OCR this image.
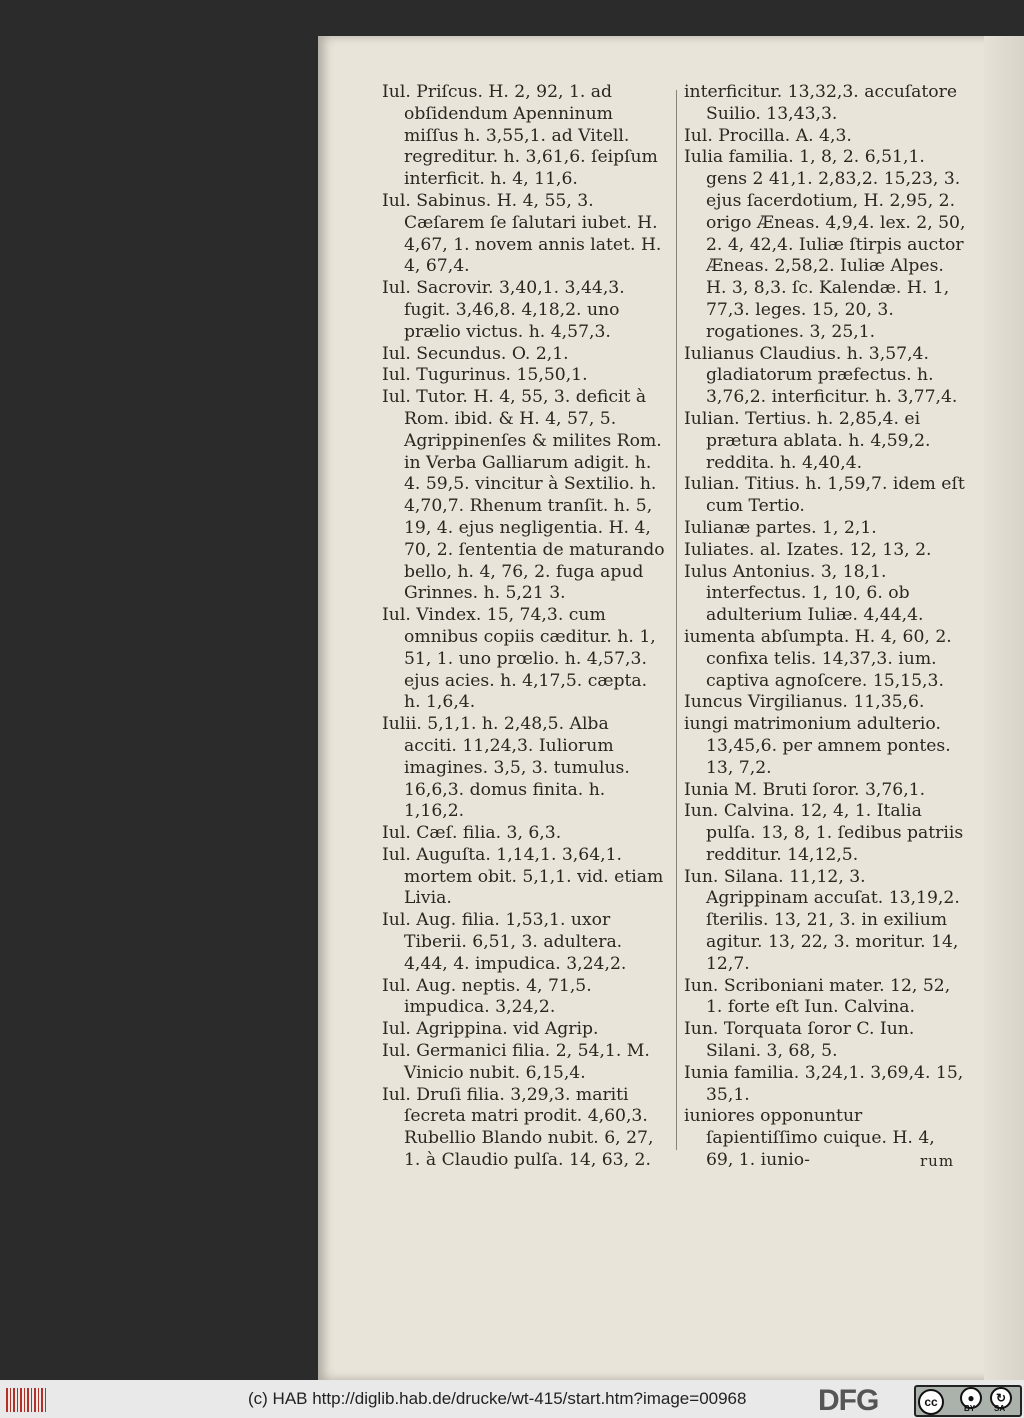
Iul. Priſcus. H. 2, 92, 1. ad obſidendum Apenninum miſſus h. 3,55,1. ad Vitell. regreditur. h. 3,61,6. ſeipſum interficit. h. 4, 11,6.

Iul. Sabinus. H. 4, 55, 3. Cæſarem ſe ſalutari iubet. H. 4,67, 1. novem annis latet. H. 4, 67,4.

Iul. Sacrovir. 3,40,1. 3,44,3. fugit. 3,46,8. 4,18,2. uno prælio victus. h. 4,57,3.

Iul. Secundus. O. 2,1.

Iul. Tugurinus. 15,50,1.

Iul. Tutor. H. 4, 55, 3. deficit à Rom. ibid. & H. 4, 57, 5. Agrippinenſes & milites Rom. in Verba Galliarum adigit. h. 4. 59,5. vincitur à Sextilio. h. 4,70,7. Rhenum tranſit. h. 5, 19, 4. ejus negligentia. H. 4, 70, 2. ſententia de maturando bello, h. 4, 76, 2. fuga apud Grinnes. h. 5,21 3.

Iul. Vindex. 15, 74,3. cum omnibus copiis cæditur. h. 1, 51, 1. uno prœlio. h. 4,57,3. ejus acies. h. 4,17,5. cæpta. h. 1,6,4.

Iulii. 5,1,1. h. 2,48,5. Alba acciti. 11,24,3. Iuliorum imagines. 3,5, 3. tumulus. 16,6,3. domus finita. h. 1,16,2.

Iul. Cæſ. filia. 3, 6,3.

Iul. Auguſta. 1,14,1. 3,64,1. mortem obit. 5,1,1. vid. etiam Livia.

Iul. Aug. filia. 1,53,1. uxor Tiberii. 6,51, 3. adultera. 4,44, 4. impudica. 3,24,2.

Iul. Aug. neptis. 4, 71,5. impudica. 3,24,2.

Iul. Agrippina. vid Agrip.

Iul. Germanici filia. 2, 54,1. M. Vinicio nubit. 6,15,4.

Iul. Druſi filia. 3,29,3. mariti ſecreta matri prodit. 4,60,3. Rubellio Blando nubit. 6, 27, 1. à Claudio pulſa. 14, 63, 2.

interficitur. 13,32,3. accuſatore Suilio. 13,43,3.

Iul. Procilla. A. 4,3.

Iulia familia. 1, 8, 2. 6,51,1. gens 2 41,1. 2,83,2. 15,23, 3. ejus ſacerdotium, H. 2,95, 2. origo Æneas. 4,9,4. lex. 2, 50, 2. 4, 42,4. Iuliæ ſtirpis auctor Æneas. 2,58,2. Iuliæ Alpes. H. 3, 8,3. ſc. Kalendæ. H. 1, 77,3. leges. 15, 20, 3. rogationes. 3, 25,1.

Iulianus Claudius. h. 3,57,4. gladiatorum præfectus. h. 3,76,2. interficitur. h. 3,77,4.

Iulian. Tertius. h. 2,85,4. ei prætura ablata. h. 4,59,2. reddita. h. 4,40,4.

Iulian. Titius. h. 1,59,7. idem eſt cum Tertio.

Iulianæ partes. 1, 2,1.

Iuliates. al. Izates. 12, 13, 2.

Iulus Antonius. 3, 18,1. interfectus. 1, 10, 6. ob adulterium Iuliæ. 4,44,4.

iumenta abſumpta. H. 4, 60, 2. confixa telis. 14,37,3. ium. captiva agnoſcere. 15,15,3.

Iuncus Virgilianus. 11,35,6.

iungi matrimonium adulterio. 13,45,6. per amnem pontes. 13, 7,2.

Iunia M. Bruti ſoror. 3,76,1.

Iun. Calvina. 12, 4, 1. Italia pulſa. 13, 8, 1. ſedibus patriis redditur. 14,12,5.

Iun. Silana. 11,12, 3. Agrippinam accuſat. 13,19,2. ſterilis. 13, 21, 3. in exilium agitur. 13, 22, 3. moritur. 14, 12,7.

Iun. Scriboniani mater. 12, 52, 1. forte eſt Iun. Calvina.

Iun. Torquata ſoror C. Iun. Silani. 3, 68, 5.

Iunia familia. 3,24,1. 3,69,4. 15, 35,1.

iuniores opponuntur ſapientiſſimo cuique. H. 4, 69, 1. iunio-	rum
(c) HAB http://diglib.hab.de/drucke/wt-415/start.htm?image=00968 DFG	cc	●	↻
BY SA
